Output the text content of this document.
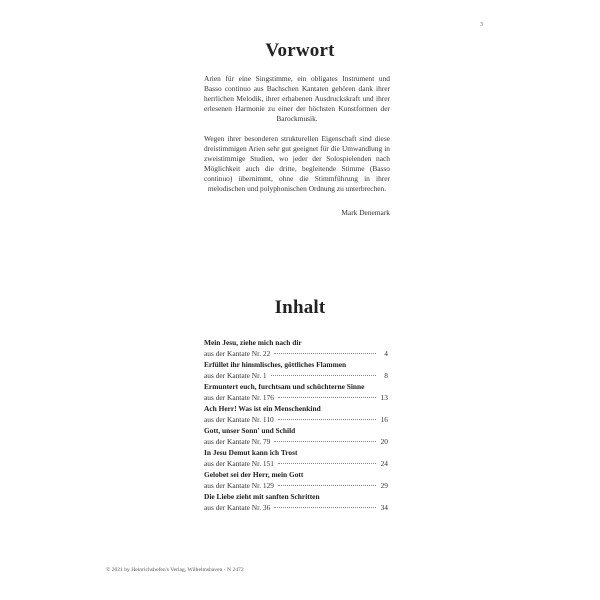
3
Vorwort

Arien für eine Singstimme, ein obligates Instrument und Basso continuo aus Bachschen Kantaten gehören dank ihrer herrlichen Melodik, ihrer erhabenen Ausdruckskraft und ihrer erlesenen Harmonie zu einer der höchsten Kunstformen der Barockmusik.

Wegen ihrer besonderen strukturellen Eigenschaft sind diese dreistimmigen Arien sehr gut geeignet für die Umwandlung in zweistimmige Studien, wo jeder der Solospielenden nach Möglichkeit auch die dritte, begleitende Stimme (Basso continuo) übernimmt, ohne die Stimmführung in ihrer melodischen und polyphonischen Ordnung zu unterbrechen.

Mark Denemark
Inhalt
Mein Jesu, ziehe mich nach dir
aus der Kantate Nr. 22	4
Erfüllet ihr himmlisches, göttliches Flammen
aus der Kantate Nr. 1	8
Ermuntert euch, furchtsam und schüchterne Sinne
aus der Kantate Nr. 176	13
Ach Herr! Was ist ein Menschenkind
aus der Kantate Nr. 110	16
Gott, unser Sonn' und Schild
aus der Kantate Nr. 79	20
In Jesu Demut kann ich Trost
aus der Kantate Nr. 151	24
Gelobet sei der Herr, mein Gott
aus der Kantate Nr. 129	29
Die Liebe zieht mit sanften Schritten
aus der Kantate Nr. 36	34
© 2021 by Heinrichshofen's Verlag, Wilhelmshaven · N 2472
